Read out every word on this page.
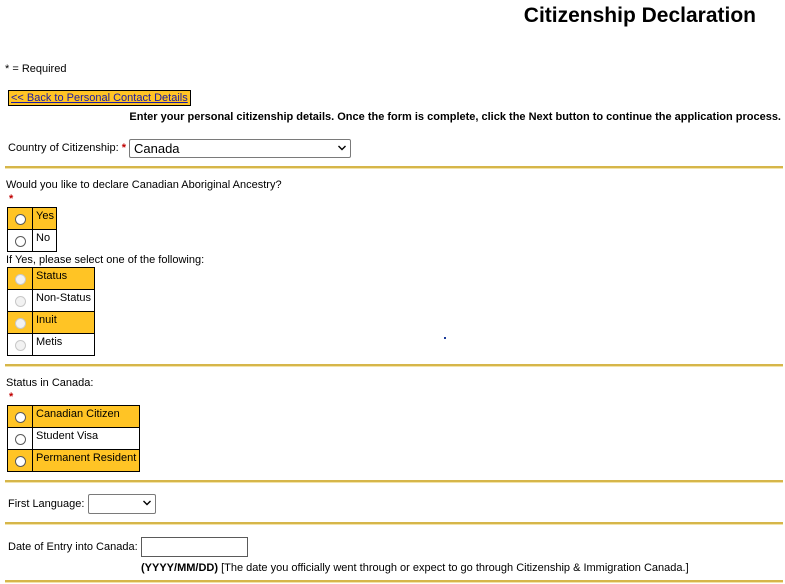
Citizenship Declaration
* = Required
<< Back to Personal Contact Details
Enter your personal citizenship details. Once the form is complete, click the Next button to continue the application process.
Country of Citizenship: * Canada
Would you like to declare Canadian Aboriginal Ancestry?
*
Yes
No
If Yes, please select one of the following:
Status
Non-Status
Inuit
Metis
Status in Canada:
*
Canadian Citizen
Student Visa
Permanent Resident
First Language:
Date of Entry into Canada:
(YYYY/MM/DD) [The date you officially went through or expect to go through Citizenship & Immigration Canada.]
